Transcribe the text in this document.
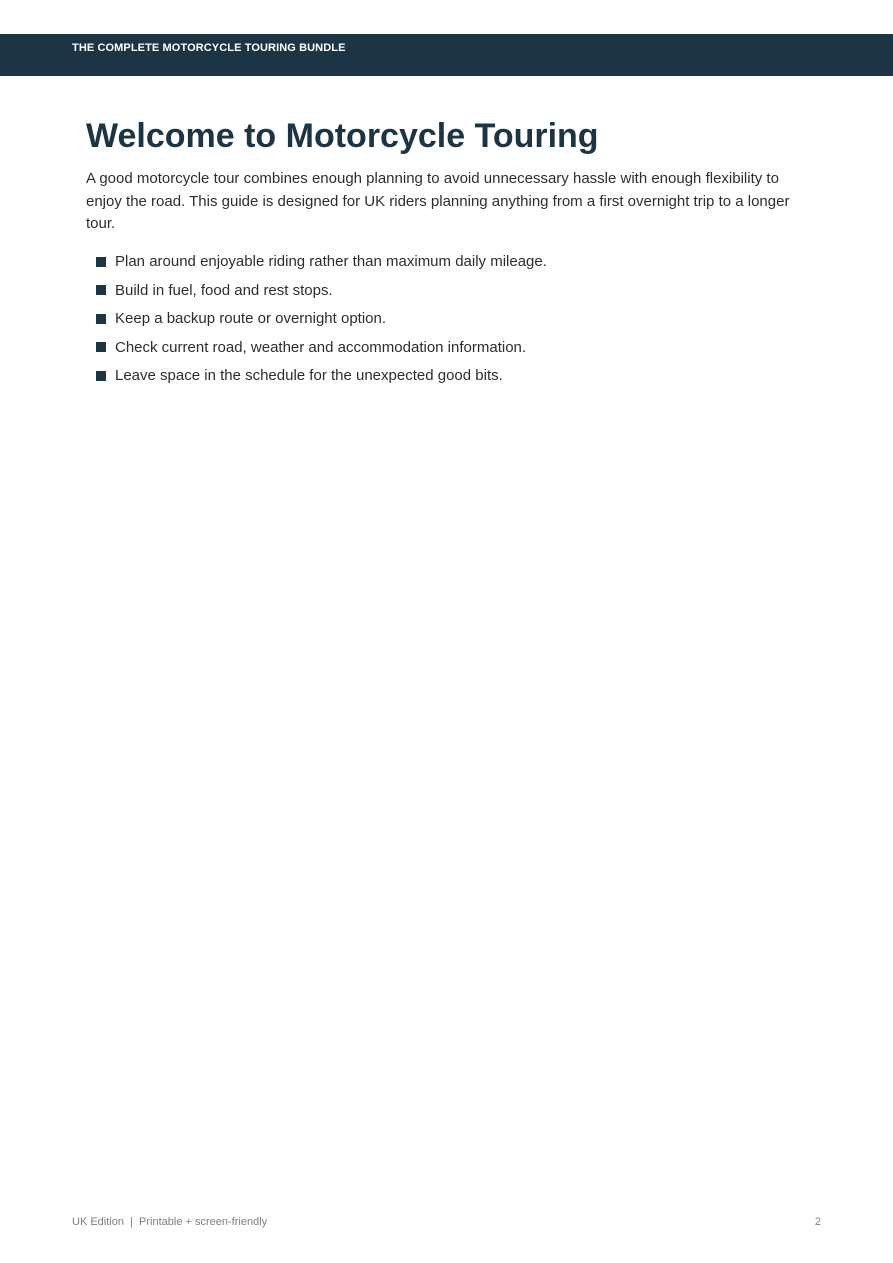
THE COMPLETE MOTORCYCLE TOURING BUNDLE
Welcome to Motorcycle Touring

A good motorcycle tour combines enough planning to avoid unnecessary hassle with enough flexibility to enjoy the road. This guide is designed for UK riders planning anything from a first overnight trip to a longer tour.

Plan around enjoyable riding rather than maximum daily mileage.
Build in fuel, food and rest stops.
Keep a backup route or overnight option.
Check current road, weather and accommodation information.
Leave space in the schedule for the unexpected good bits.
UK Edition  |  Printable + screen-friendly	2
